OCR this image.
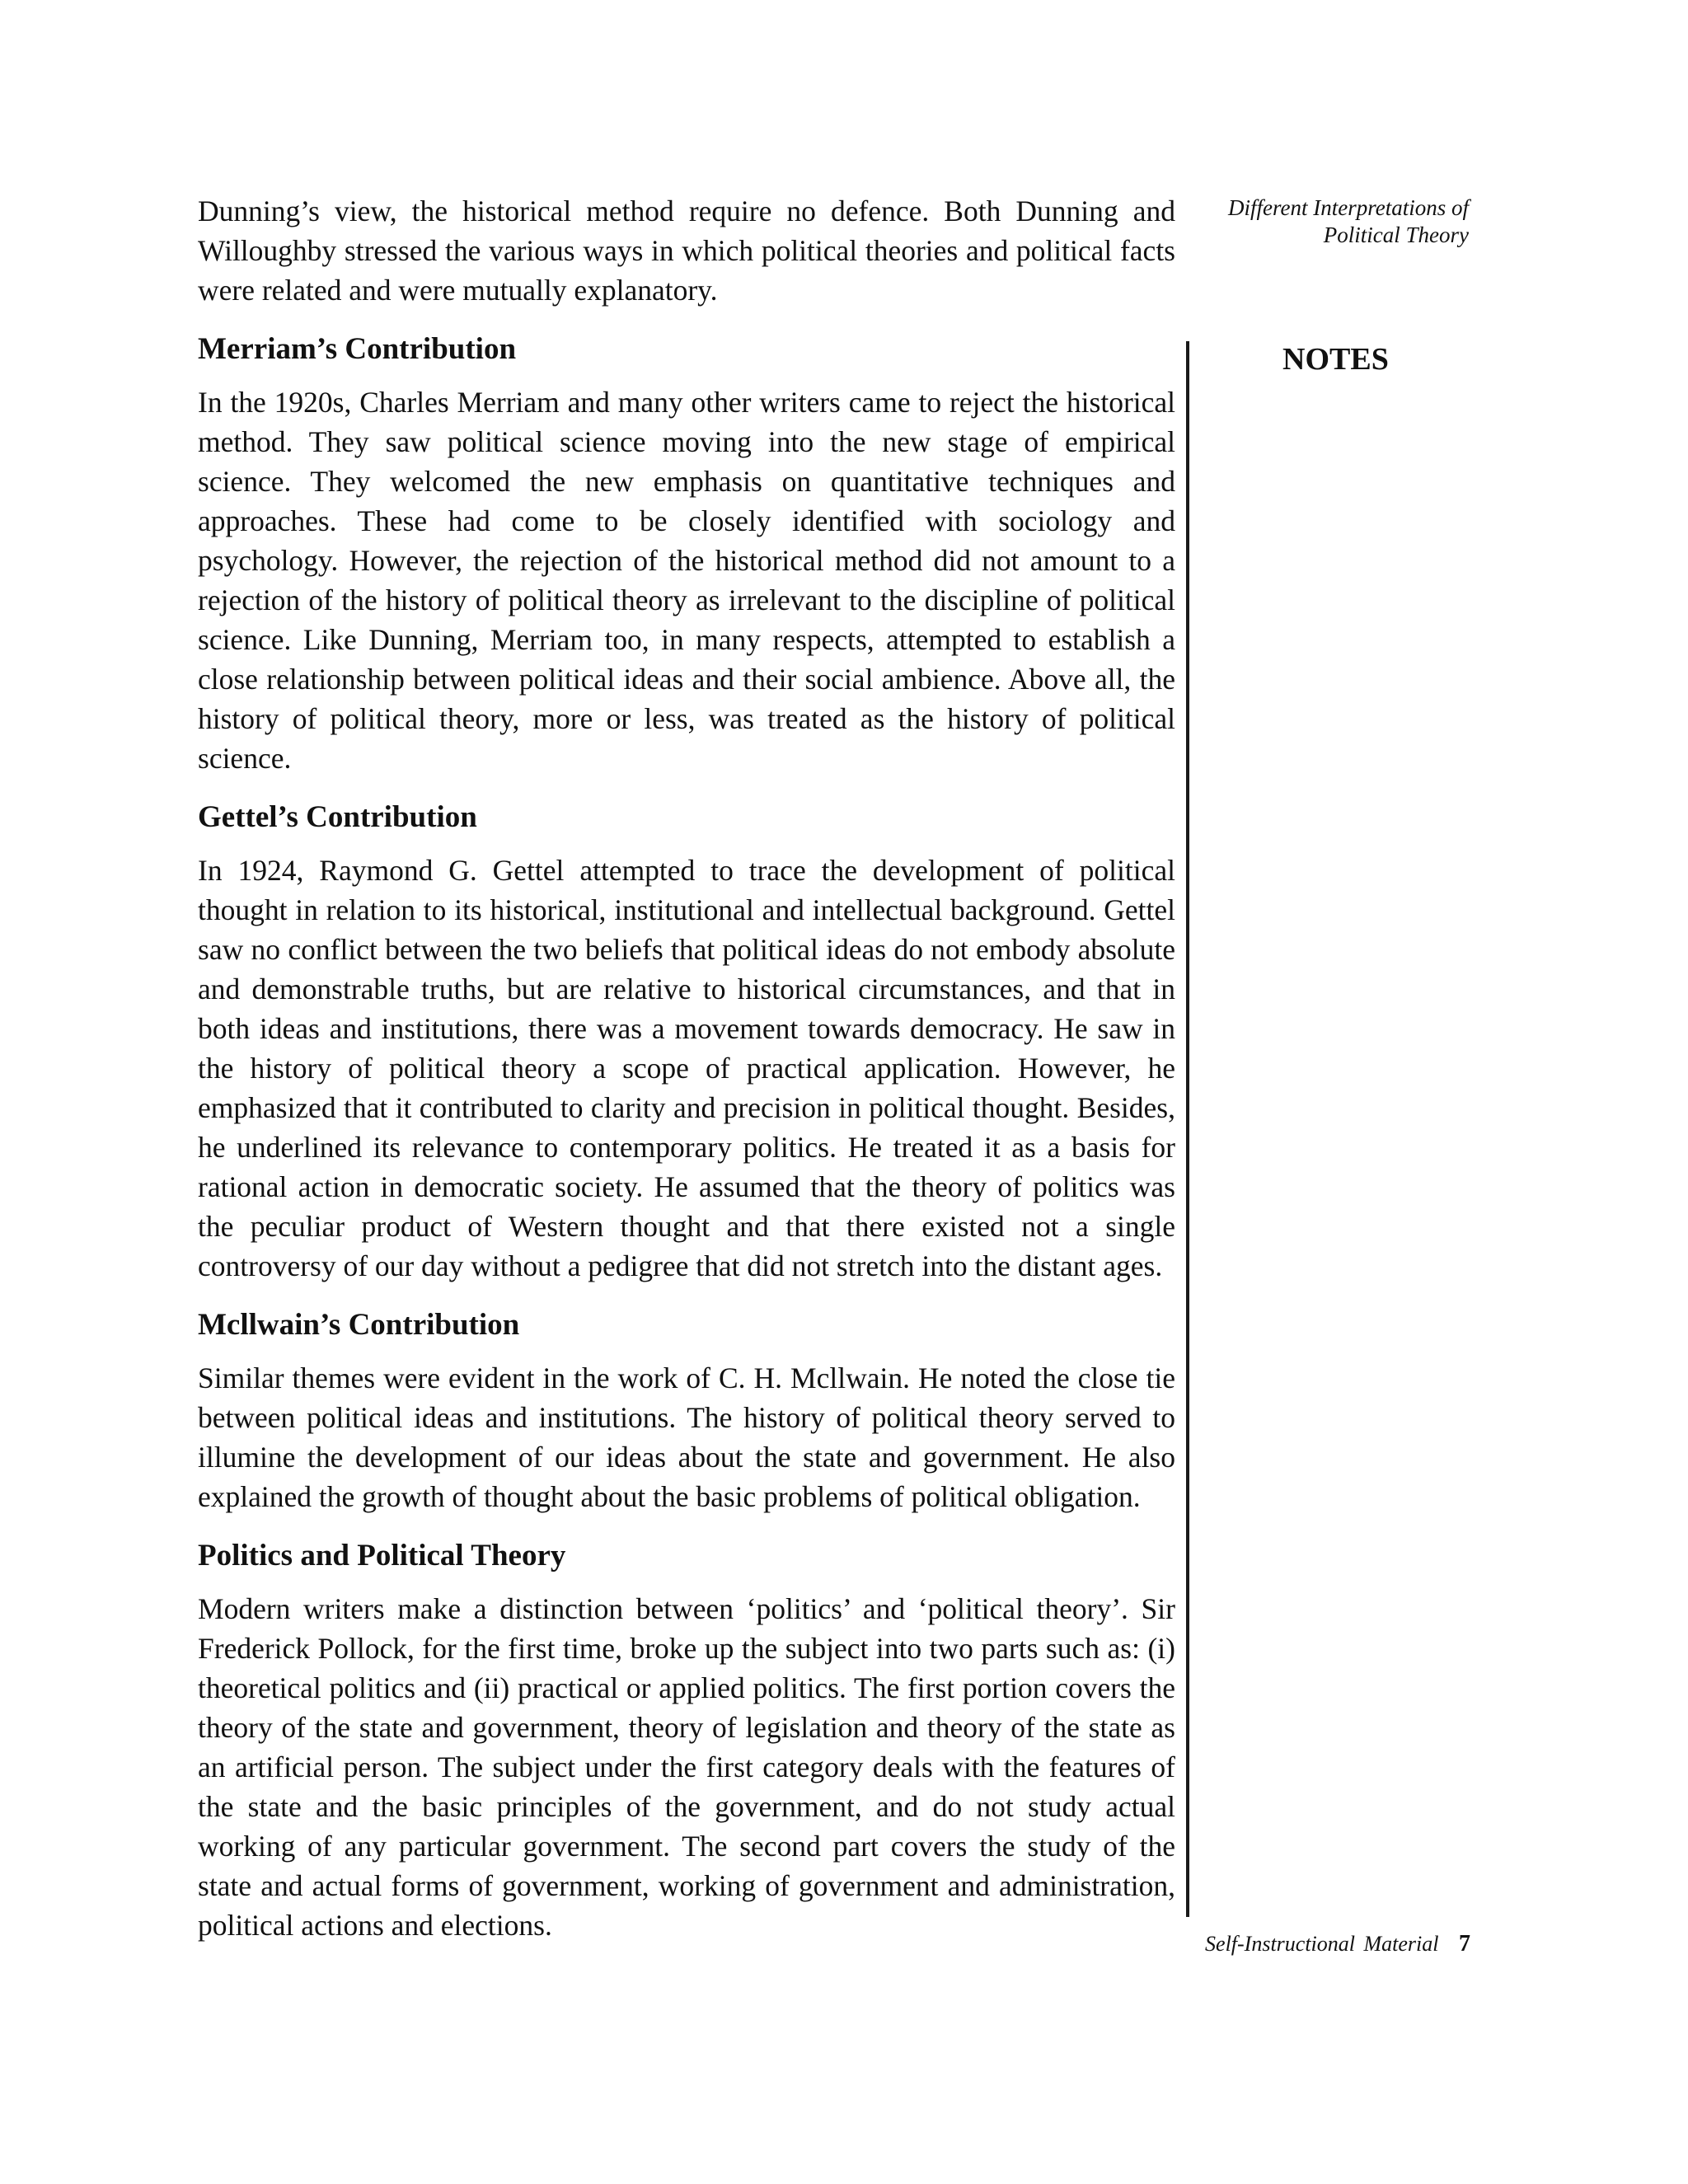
Different Interpretations of
Political Theory
NOTES

Dunning’s view, the historical method require no defence. Both Dunning and Willoughby stressed the various ways in which political theories and political facts were related and were mutually explanatory.

Merriam’s Contribution

In the 1920s, Charles Merriam and many other writers came to reject the historical method. They saw political science moving into the new stage of empirical science. They welcomed the new emphasis on quantitative techniques and approaches. These had come to be closely identified with sociology and psychology. However, the rejection of the historical method did not amount to a rejection of the history of political theory as irrelevant to the discipline of political science. Like Dunning, Merriam too, in many respects, attempted to establish a close relationship between political ideas and their social ambience. Above all, the history of political theory, more or less, was treated as the history of political science.

Gettel’s Contribution

In 1924, Raymond G. Gettel attempted to trace the development of political thought in relation to its historical, institutional and intellectual background. Gettel saw no conflict between the two beliefs that political ideas do not embody absolute and demonstrable truths, but are relative to historical circumstances, and that in both ideas and institutions, there was a movement towards democracy. He saw in the history of political theory a scope of practical application. However, he emphasized that it contributed to clarity and precision in political thought. Besides, he underlined its relevance to contemporary politics. He treated it as a basis for rational action in democratic society. He assumed that the theory of politics was the peculiar product of Western thought and that there existed not a single controversy of our day without a pedigree that did not stretch into the distant ages.

Mcllwain’s Contribution

Similar themes were evident in the work of C. H. Mcllwain. He noted the close tie between political ideas and institutions. The history of political theory served to illumine the development of our ideas about the state and government. He also explained the growth of thought about the basic problems of political obligation.

Politics and Political Theory

Modern writers make a distinction between ‘politics’ and ‘political theory’. Sir Frederick Pollock, for the first time, broke up the subject into two parts such as: (i) theoretical politics and (ii) practical or applied politics. The first portion covers the theory of the state and government, theory of legislation and theory of the state as an artificial person. The subject under the first category deals with the features of the state and the basic principles of the government, and do not study actual working of any particular government. The second part covers the study of the state and actual forms of government, working of government and administration, political actions and elections.

Self-Instructional Material 7
